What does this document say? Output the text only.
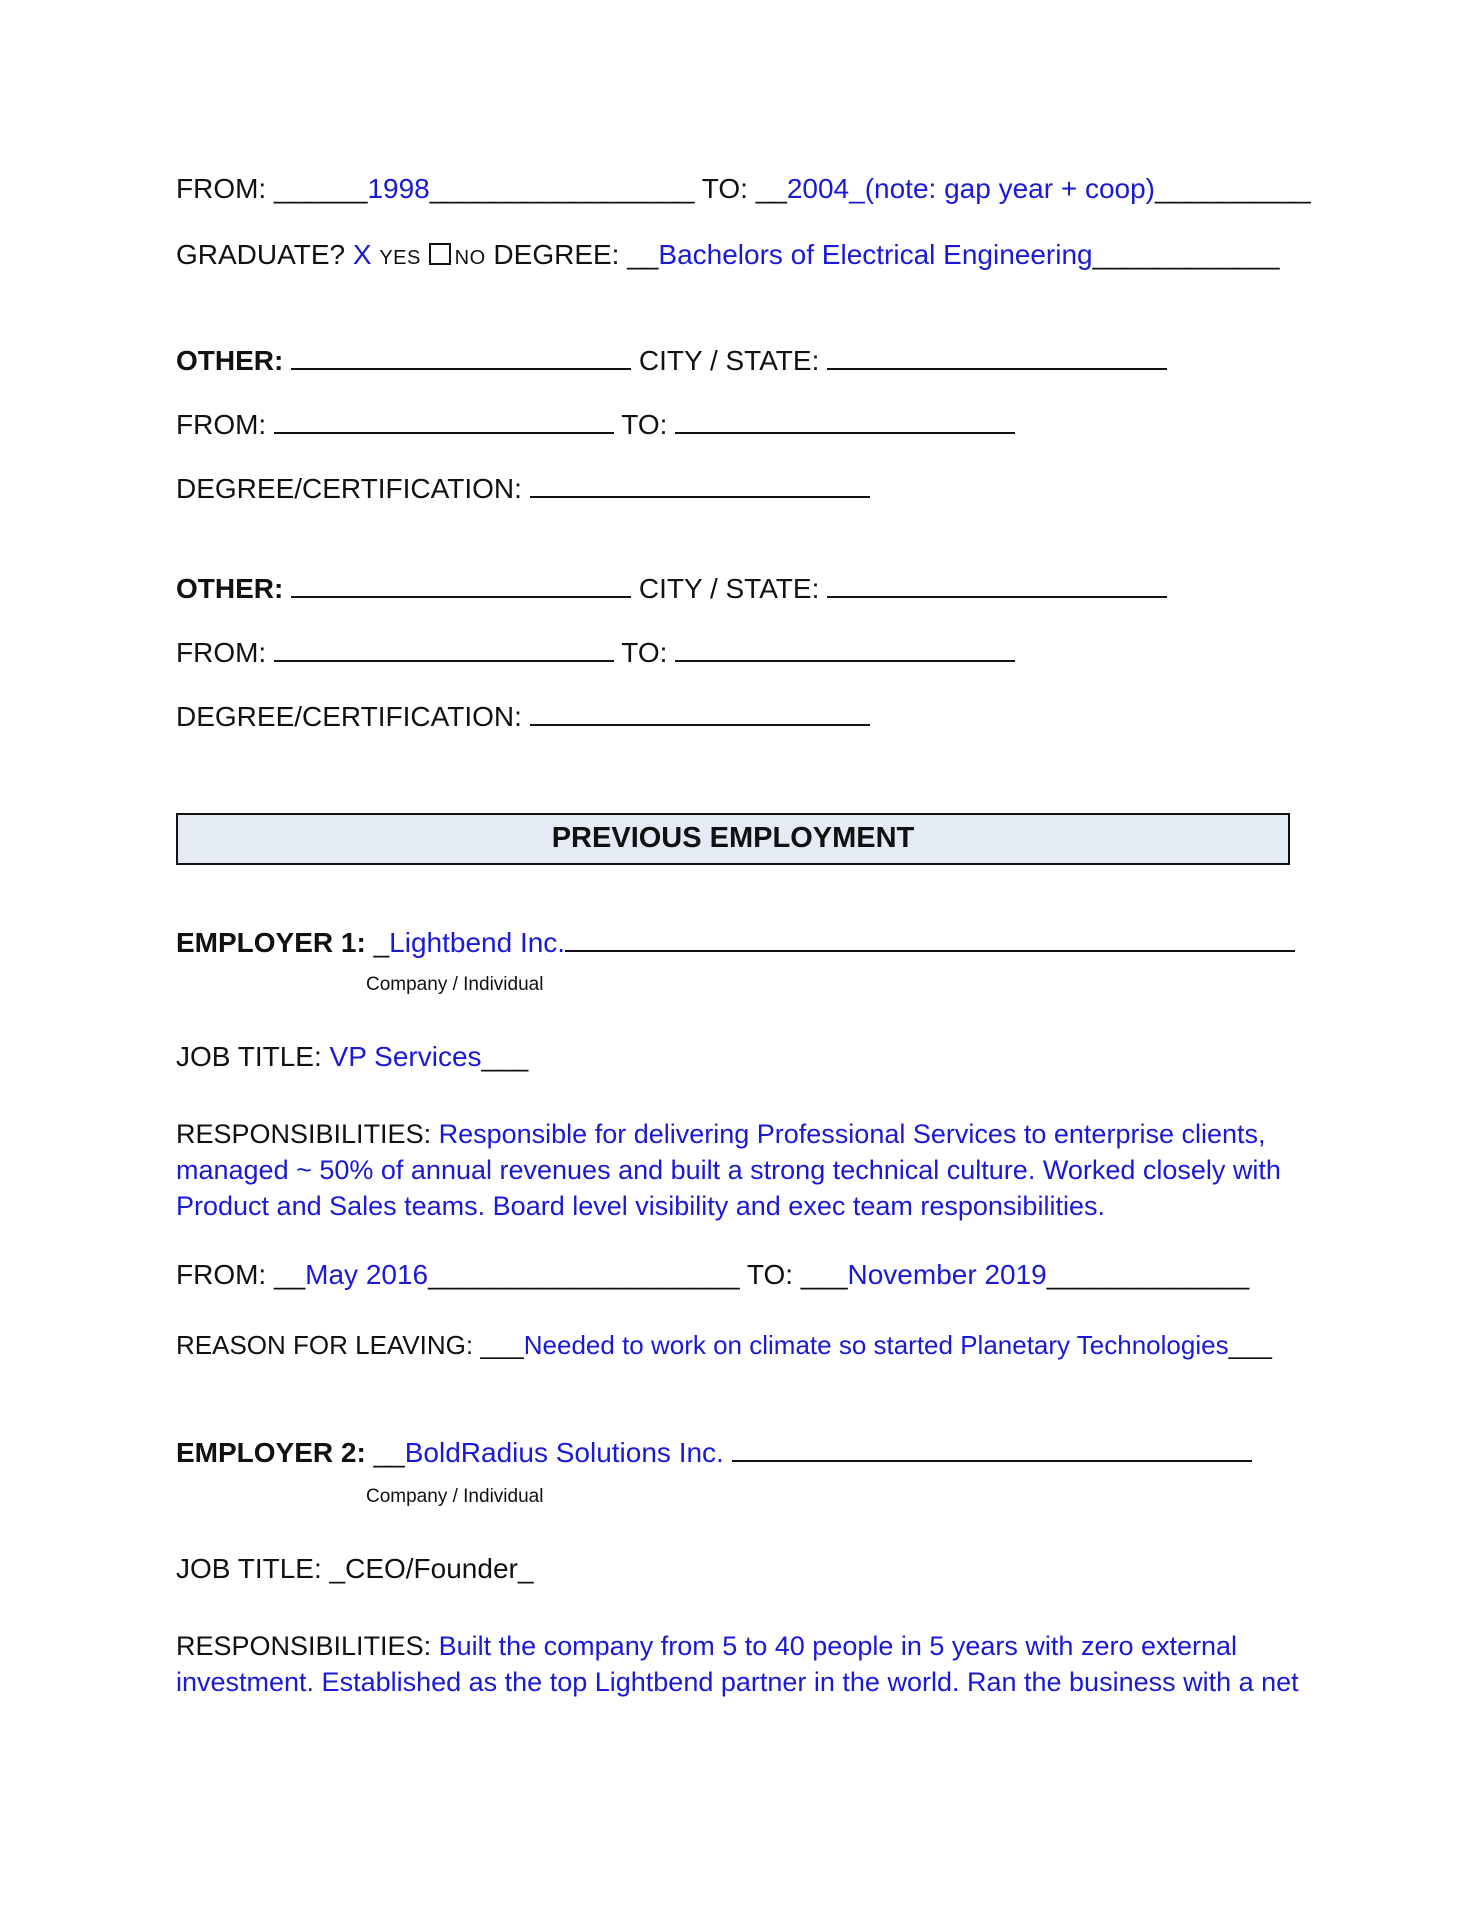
FROM: ______1998_________________ TO: __2004_(note: gap year + coop)__________
GRADUATE? X YES NO DEGREE: __Bachelors of Electrical Engineering____________
OTHER:	CITY / STATE:
FROM:	TO:
DEGREE/CERTIFICATION:
OTHER:	CITY / STATE:
FROM:	TO:
DEGREE/CERTIFICATION:
PREVIOUS EMPLOYMENT
EMPLOYER 1: _Lightbend Inc.
Company / Individual
JOB TITLE: VP Services___
RESPONSIBILITIES: Responsible for delivering Professional Services to enterprise clients,
managed ~ 50% of annual revenues and built a strong technical culture. Worked closely with
Product and Sales teams. Board level visibility and exec team responsibilities.
FROM: __May 2016____________________ TO: ___November 2019_____________
REASON FOR LEAVING: ___Needed to work on climate so started Planetary Technologies___
EMPLOYER 2: __BoldRadius Solutions Inc.
Company / Individual
JOB TITLE: _CEO/Founder_
RESPONSIBILITIES: Built the company from 5 to 40 people in 5 years with zero external
investment. Established as the top Lightbend partner in the world. Ran the business with a net
